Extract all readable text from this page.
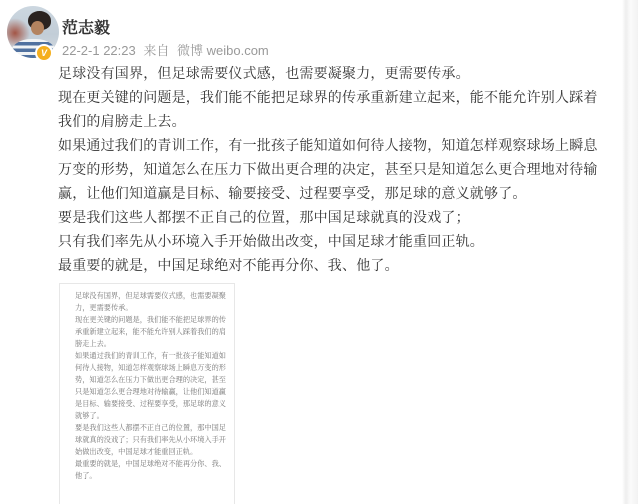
V
范志毅
22-2-1 22:23 来自 微博 weibo.com

足球没有国界，但足球需要仪式感，也需要凝聚力，更需要传承。

现在更关键的问题是，我们能不能把足球界的传承重新建立起来，能不能允许别人踩着我们的肩膀走上去。

如果通过我们的青训工作，有一批孩子能知道如何待人接物，知道怎样观察球场上瞬息万变的形势，知道怎么在压力下做出更合理的决定，甚至只是知道怎么更合理地对待输赢，让他们知道赢是目标、输要接受、过程要享受，那足球的意义就够了。

要是我们这些人都摆不正自己的位置，那中国足球就真的没戏了；

只有我们率先从小环境入手开始做出改变，中国足球才能重回正轨。

最重要的就是，中国足球绝对不能再分你、我、他了。

足球没有国界，但足球需要仪式感，也需要凝聚力，更需要传承。

现在更关键的问题是，我们能不能把足球界的传承重新建立起来，能不能允许别人踩着我们的肩膀走上去。

如果通过我们的青训工作，有一批孩子能知道如何待人接物，知道怎样观察球场上瞬息万变的形势，知道怎么在压力下做出更合理的决定，甚至只是知道怎么更合理地对待输赢，让他们知道赢是目标、输要接受、过程要享受，那足球的意义就够了。

要是我们这些人都摆不正自己的位置，那中国足球就真的没戏了；只有我们率先从小环境入手开始做出改变，中国足球才能重回正轨。

最重要的就是，中国足球绝对不能再分你、我、他了。
